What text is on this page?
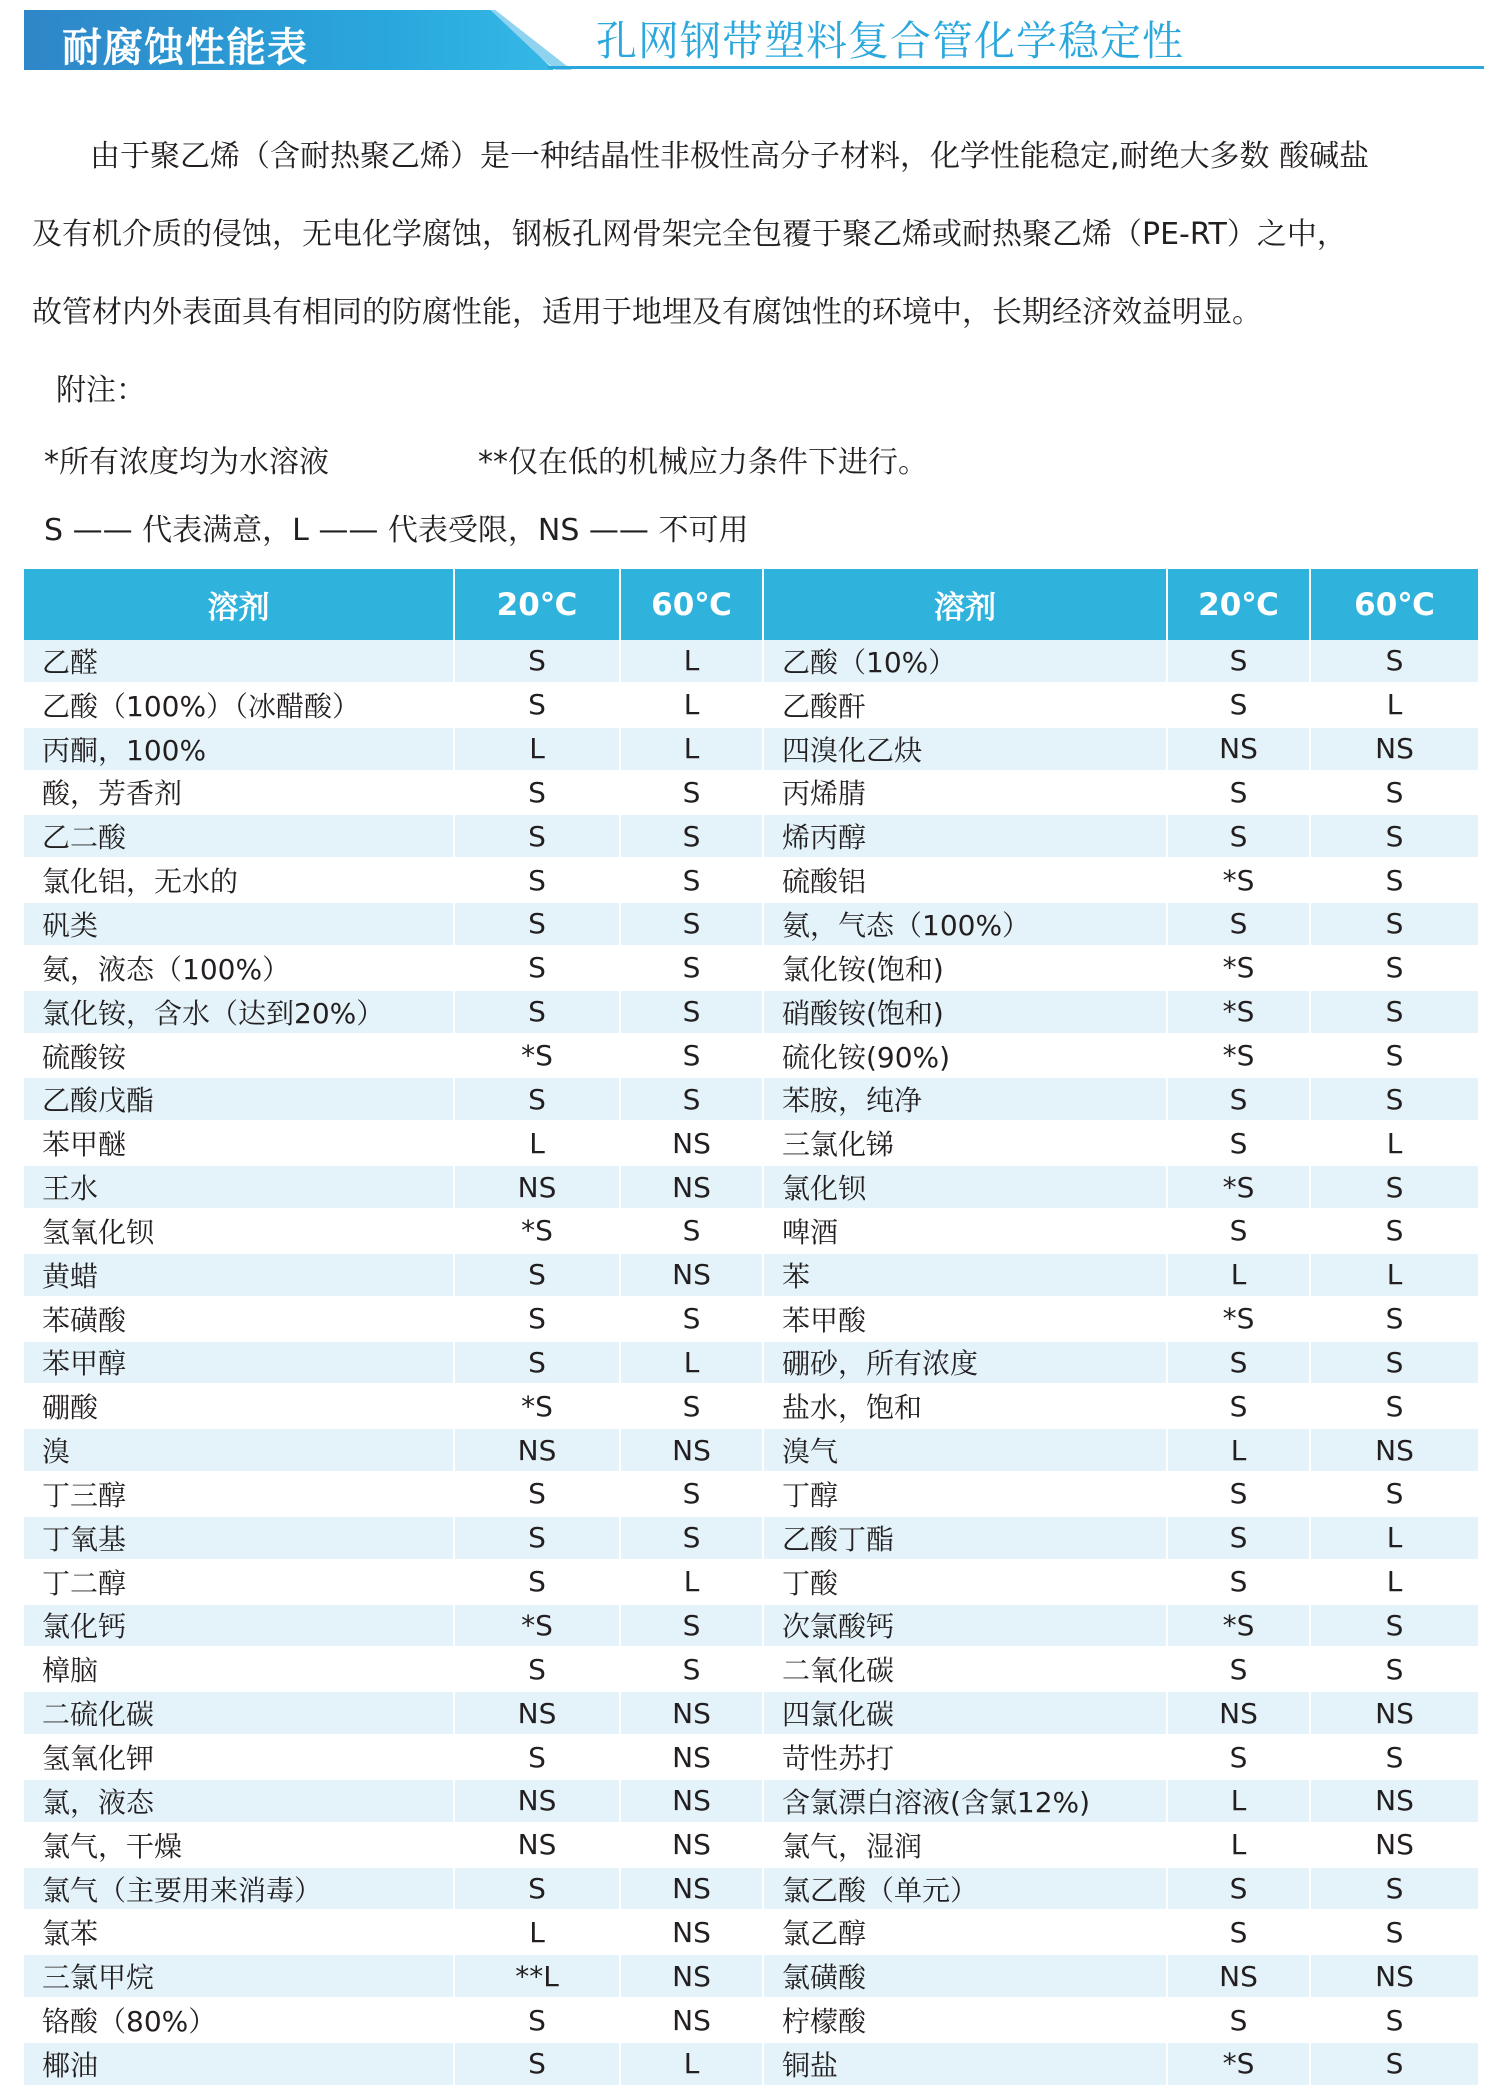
耐腐蚀性能表	孔网钢带塑料复合管化学稳定性

由于聚乙烯（含耐热聚乙烯）是一种结晶性非极性高分子材料，化学性能稳定,耐绝大多数 酸碱盐

及有机介质的侵蚀，无电化学腐蚀，钢板孔网骨架完全包覆于聚乙烯或耐热聚乙烯（PE-RT）之中，

故管材内外表面具有相同的防腐性能，适用于地埋及有腐蚀性的环境中，长期经济效益明显。

附注：
*所有浓度均为水溶液	**仅在低的机械应力条件下进行。
S —— 代表满意，L —— 代表受限，NS —— 不可用
溶剂	20℃	60℃	溶剂	20℃	60℃
乙醛	S	L	乙酸（10%）	S	S
乙酸（100%）（冰醋酸）	S	L	乙酸酐	S	L
丙酮，100%	L	L	四溴化乙炔	NS	NS
酸，芳香剂	S	S	丙烯腈	S	S
乙二酸	S	S	烯丙醇	S	S
氯化铝，无水的	S	S	硫酸铝	*S	S
矾类	S	S	氨，气态（100%）	S	S
氨，液态（100%）	S	S	氯化铵(饱和)	*S	S
氯化铵，含水（达到20%）	S	S	硝酸铵(饱和)	*S	S
硫酸铵	*S	S	硫化铵(90%)	*S	S
乙酸戊酯	S	S	苯胺，纯净	S	S
苯甲醚	L	NS	三氯化锑	S	L
王水	NS	NS	氯化钡	*S	S
氢氧化钡	*S	S	啤酒	S	S
黄蜡	S	NS	苯	L	L
苯磺酸	S	S	苯甲酸	*S	S
苯甲醇	S	L	硼砂，所有浓度	S	S
硼酸	*S	S	盐水，饱和	S	S
溴	NS	NS	溴气	L	NS
丁三醇	S	S	丁醇	S	S
丁氧基	S	S	乙酸丁酯	S	L
丁二醇	S	L	丁酸	S	L
氯化钙	*S	S	次氯酸钙	*S	S
樟脑	S	S	二氧化碳	S	S
二硫化碳	NS	NS	四氯化碳	NS	NS
氢氧化钾	S	NS	苛性苏打	S	S
氯，液态	NS	NS	含氯漂白溶液(含氯12%)	L	NS
氯气，干燥	NS	NS	氯气，湿润	L	NS
氯气（主要用来消毒）	S	NS	氯乙酸（单元）	S	S
氯苯	L	NS	氯乙醇	S	S
三氯甲烷	**L	NS	氯磺酸	NS	NS
铬酸（80%）	S	NS	柠檬酸	S	S
椰油	S	L	铜盐	*S	S
